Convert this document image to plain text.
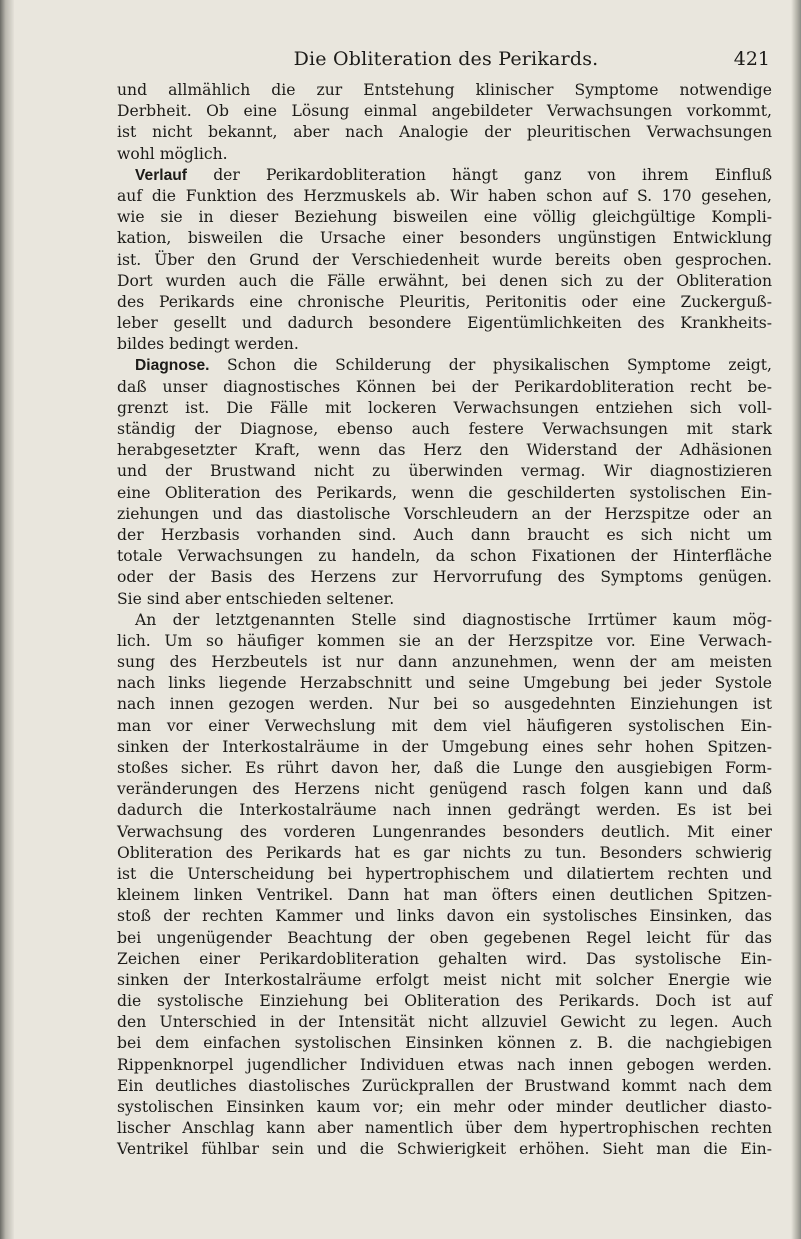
Die Obliteration des Perikards.	421
und allmählich die zur Entstehung klinischer Symptome notwendige
Derbheit. Ob eine Lösung einmal angebildeter Verwachsungen vorkommt,
ist nicht bekannt, aber nach Analogie der pleuritischen Verwachsungen
wohl möglich.
Verlauf der Perikardobliteration hängt ganz von ihrem Einfluß
auf die Funktion des Herzmuskels ab. Wir haben schon auf S. 170 gesehen,
wie sie in dieser Beziehung bisweilen eine völlig gleichgültige Kompli-
kation, bisweilen die Ursache einer besonders ungünstigen Entwicklung
ist. Über den Grund der Verschiedenheit wurde bereits oben gesprochen.
Dort wurden auch die Fälle erwähnt, bei denen sich zu der Obliteration
des Perikards eine chronische Pleuritis, Peritonitis oder eine Zuckerguß-
leber gesellt und dadurch besondere Eigentümlichkeiten des Krankheits-
bildes bedingt werden.
Diagnose. Schon die Schilderung der physikalischen Symptome zeigt,
daß unser diagnostisches Können bei der Perikardobliteration recht be-
grenzt ist. Die Fälle mit lockeren Verwachsungen entziehen sich voll-
ständig der Diagnose, ebenso auch festere Verwachsungen mit stark
herabgesetzter Kraft, wenn das Herz den Widerstand der Adhäsionen
und der Brustwand nicht zu überwinden vermag. Wir diagnostizieren
eine Obliteration des Perikards, wenn die geschilderten systolischen Ein-
ziehungen und das diastolische Vorschleudern an der Herzspitze oder an
der Herzbasis vorhanden sind. Auch dann braucht es sich nicht um
totale Verwachsungen zu handeln, da schon Fixationen der Hinterfläche
oder der Basis des Herzens zur Hervorrufung des Symptoms genügen.
Sie sind aber entschieden seltener.
An der letztgenannten Stelle sind diagnostische Irrtümer kaum mög-
lich. Um so häufiger kommen sie an der Herzspitze vor. Eine Verwach-
sung des Herzbeutels ist nur dann anzunehmen, wenn der am meisten
nach links liegende Herzabschnitt und seine Umgebung bei jeder Systole
nach innen gezogen werden. Nur bei so ausgedehnten Einziehungen ist
man vor einer Verwechslung mit dem viel häufigeren systolischen Ein-
sinken der Interkostalräume in der Umgebung eines sehr hohen Spitzen-
stoßes sicher. Es rührt davon her, daß die Lunge den ausgiebigen Form-
veränderungen des Herzens nicht genügend rasch folgen kann und daß
dadurch die Interkostalräume nach innen gedrängt werden. Es ist bei
Verwachsung des vorderen Lungenrandes besonders deutlich. Mit einer
Obliteration des Perikards hat es gar nichts zu tun. Besonders schwierig
ist die Unterscheidung bei hypertrophischem und dilatiertem rechten und
kleinem linken Ventrikel. Dann hat man öfters einen deutlichen Spitzen-
stoß der rechten Kammer und links davon ein systolisches Einsinken, das
bei ungenügender Beachtung der oben gegebenen Regel leicht für das
Zeichen einer Perikardobliteration gehalten wird. Das systolische Ein-
sinken der Interkostalräume erfolgt meist nicht mit solcher Energie wie
die systolische Einziehung bei Obliteration des Perikards. Doch ist auf
den Unterschied in der Intensität nicht allzuviel Gewicht zu legen. Auch
bei dem einfachen systolischen Einsinken können z. B. die nachgiebigen
Rippenknorpel jugendlicher Individuen etwas nach innen gebogen werden.
Ein deutliches diastolisches Zurückprallen der Brustwand kommt nach dem
systolischen Einsinken kaum vor; ein mehr oder minder deutlicher diasto-
lischer Anschlag kann aber namentlich über dem hypertrophischen rechten
Ventrikel fühlbar sein und die Schwierigkeit erhöhen. Sieht man die Ein-
